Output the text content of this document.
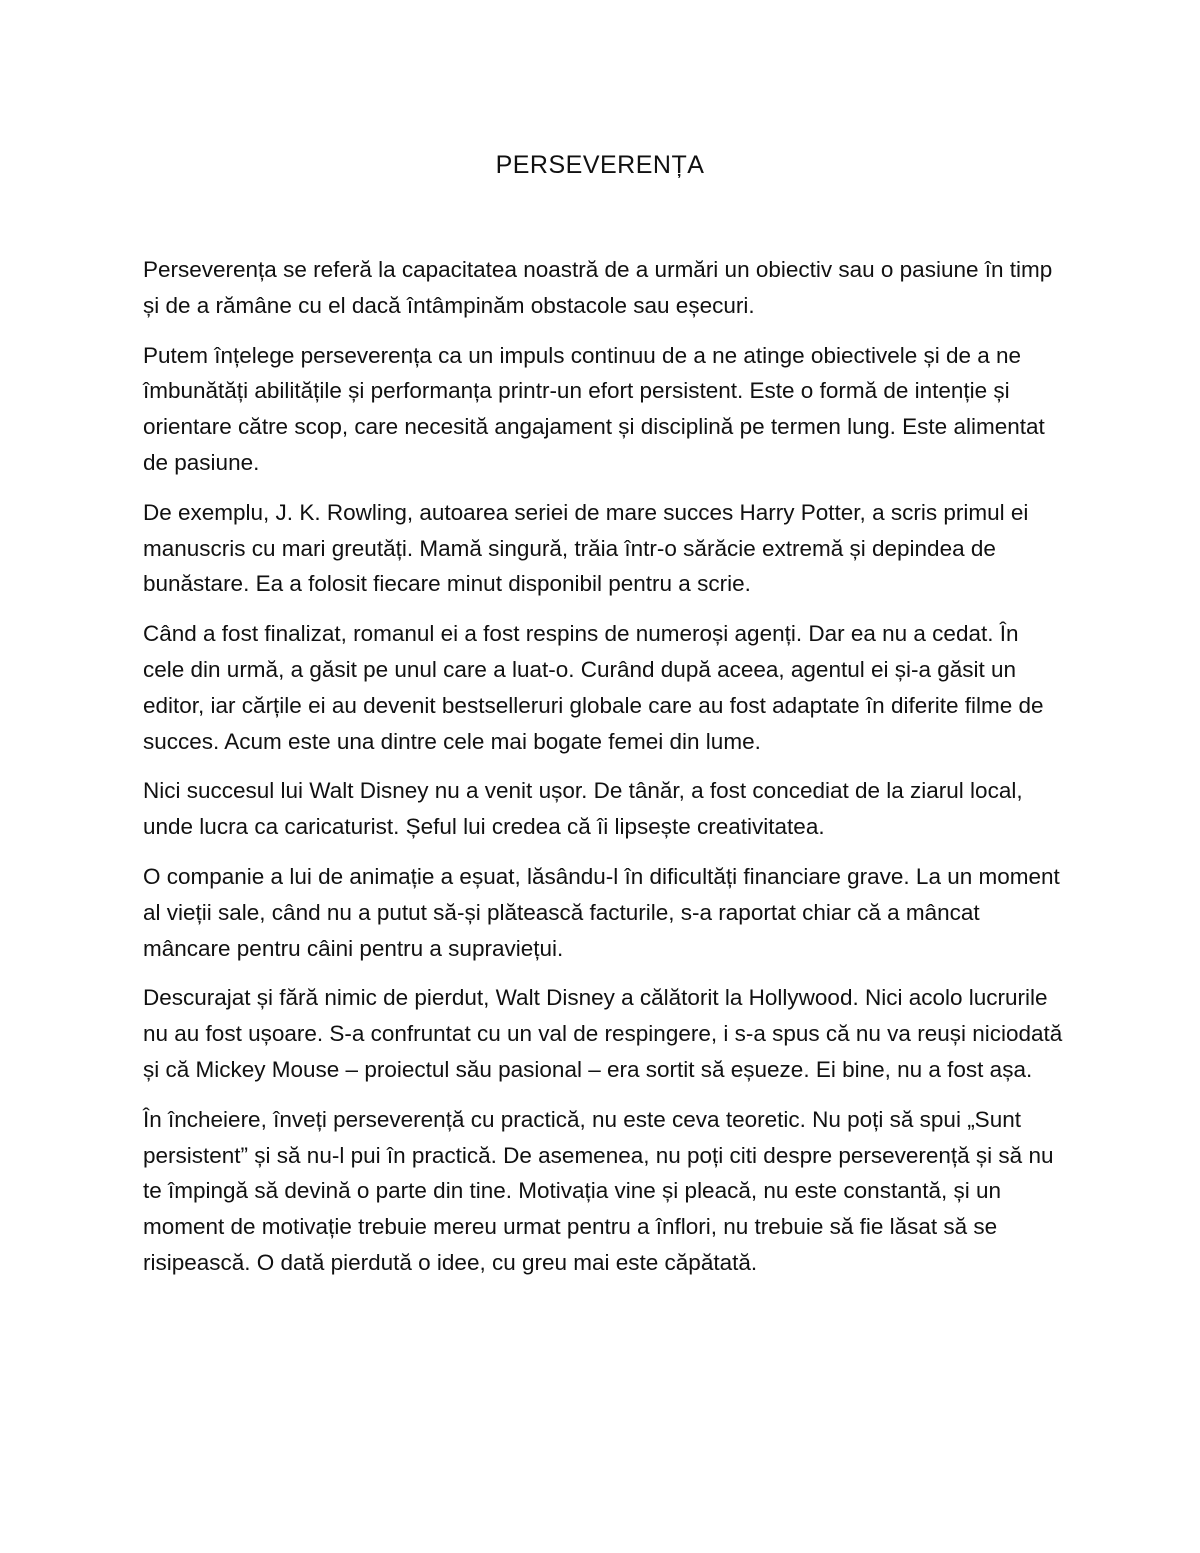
PERSEVERENȚA

Perseverența se referă la capacitatea noastră de a urmări un obiectiv sau o pasiune în timp și de a rămâne cu el dacă întâmpinăm obstacole sau eșecuri.

Putem înțelege perseverența ca un impuls continuu de a ne atinge obiectivele și de a ne îmbunătăți abilitățile și performanța printr-un efort persistent. Este o formă de intenție și orientare către scop, care necesită angajament și disciplină pe termen lung. Este alimentat de pasiune.

De exemplu, J. K. Rowling, autoarea seriei de mare succes Harry Potter, a scris primul ei manuscris cu mari greutăți. Mamă singură, trăia într-o sărăcie extremă și depindea de bunăstare. Ea a folosit fiecare minut disponibil pentru a scrie.

Când a fost finalizat, romanul ei a fost respins de numeroși agenți. Dar ea nu a cedat. În cele din urmă, a găsit pe unul care a luat-o. Curând după aceea, agentul ei și-a găsit un editor, iar cărțile ei au devenit bestselleruri globale care au fost adaptate în diferite filme de succes. Acum este una dintre cele mai bogate femei din lume.

Nici succesul lui Walt Disney nu a venit ușor. De tânăr, a fost concediat de la ziarul local, unde lucra ca caricaturist. Șeful lui credea că îi lipsește creativitatea.

O companie a lui de animație a eșuat, lăsându-l în dificultăți financiare grave. La un moment al vieții sale, când nu a putut să-și plătească facturile, s-a raportat chiar că a mâncat mâncare pentru câini pentru a supraviețui.

Descurajat și fără nimic de pierdut, Walt Disney a călătorit la Hollywood. Nici acolo lucrurile nu au fost ușoare. S-a confruntat cu un val de respingere, i s-a spus că nu va reuși niciodată și că Mickey Mouse – proiectul său pasional – era sortit să eșueze. Ei bine, nu a fost așa.

În încheiere, înveți perseverență cu practică, nu este ceva teoretic. Nu poți să spui „Sunt persistent” și să nu-l pui în practică. De asemenea, nu poți citi despre perseverență și să nu te împingă să devină o parte din tine. Motivația vine și pleacă, nu este constantă, și un moment de motivație trebuie mereu urmat pentru a înflori, nu trebuie să fie lăsat să se risipească. O dată pierdută o idee, cu greu mai este căpătată.
